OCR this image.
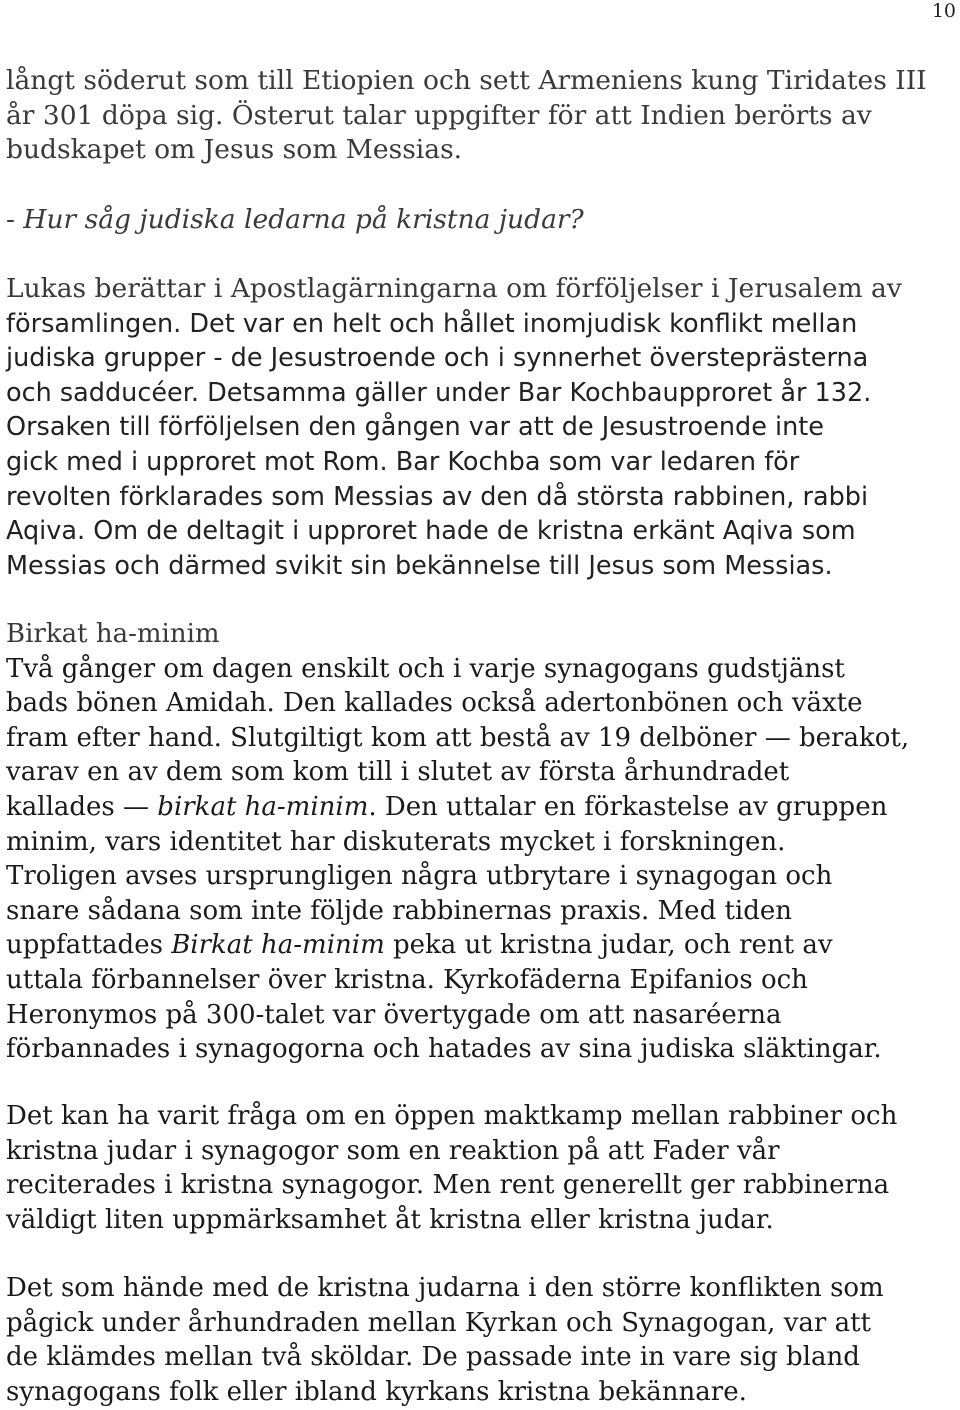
10
långt söderut som till Etiopien och sett Armeniens kung Tiridates III
år 301 döpa sig. Österut talar uppgifter för att Indien berörts av
budskapet om Jesus som Messias.
- Hur såg judiska ledarna på kristna judar?
Lukas berättar i Apostlagärningarna om förföljelser i Jerusalem av
församlingen. Det var en helt och hållet inomjudisk konflikt mellan
judiska grupper - de Jesustroende och i synnerhet översteprästerna
och sadducéer. Detsamma gäller under Bar Kochbaupproret år 132.
Orsaken till förföljelsen den gången var att de Jesustroende inte
gick med i upproret mot Rom. Bar Kochba som var ledaren för
revolten förklarades som Messias av den då största rabbinen, rabbi
Aqiva. Om de deltagit i upproret hade de kristna erkänt Aqiva som
Messias och därmed svikit sin bekännelse till Jesus som Messias.
Birkat ha-minim
Två gånger om dagen enskilt och i varje synagogans gudstjänst
bads bönen Amidah. Den kallades också adertonbönen och växte
fram efter hand. Slutgiltigt kom att bestå av 19 delböner — berakot,
varav en av dem som kom till i slutet av första århundradet
kallades — birkat ha-minim. Den uttalar en förkastelse av gruppen
minim, vars identitet har diskuterats mycket i forskningen.
Troligen avses ursprungligen några utbrytare i synagogan och
snare sådana som inte följde rabbinernas praxis. Med tiden
uppfattades Birkat ha-minim peka ut kristna judar, och rent av
uttala förbannelser över kristna. Kyrkofäderna Epifanios och
Heronymos på 300-talet var övertygade om att nasaréerna
förbannades i synagogorna och hatades av sina judiska släktingar.
Det kan ha varit fråga om en öppen maktkamp mellan rabbiner och
kristna judar i synagogor som en reaktion på att Fader vår
reciterades i kristna synagogor. Men rent generellt ger rabbinerna
väldigt liten uppmärksamhet åt kristna eller kristna judar.
Det som hände med de kristna judarna i den större konflikten som
pågick under århundraden mellan Kyrkan och Synagogan, var att
de klämdes mellan två sköldar. De passade inte in vare sig bland
synagogans folk eller ibland kyrkans kristna bekännare.
